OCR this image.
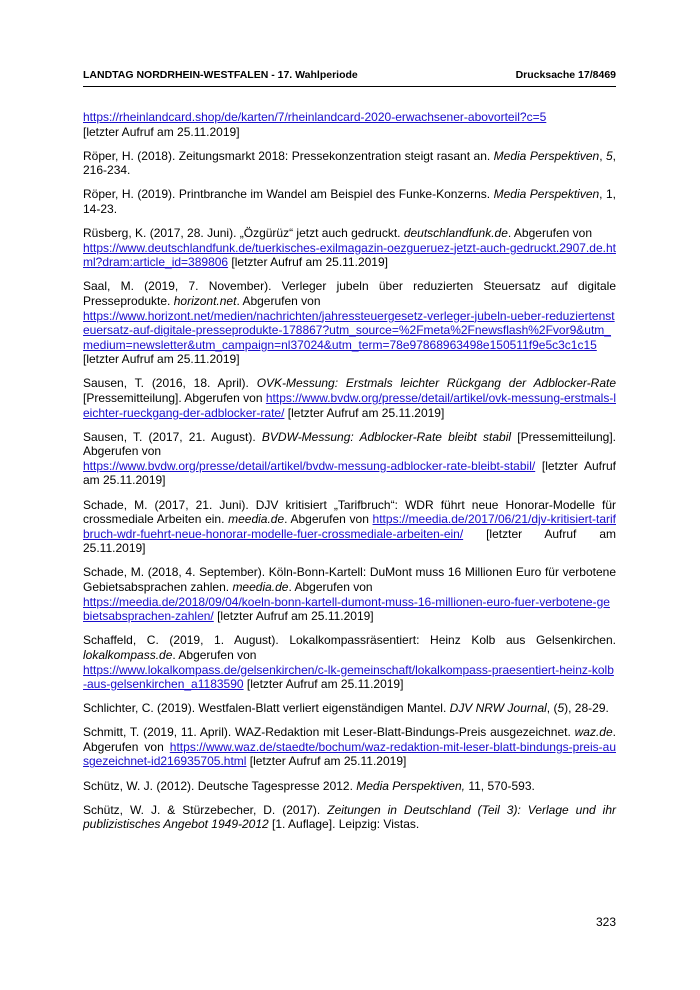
LANDTAG NORDRHEIN-WESTFALEN - 17. Wahlperiode	Drucksache 17/8469

https://rheinlandcard.shop/de/karten/7/rheinlandcard-2020-erwachsener-abovorteil?c=5
[letzter Aufruf am 25.11.2019]

Röper, H. (2018). Zeitungsmarkt 2018: Pressekonzentration steigt rasant an. Media Perspektiven, 5, 216-234.

Röper, H. (2019). Printbranche im Wandel am Beispiel des Funke-Konzerns. Media Perspektiven, 1, 14-23.

Rüsberg, K. (2017, 28. Juni). „Özgürüz“ jetzt auch gedruckt. deutschlandfunk.de. Abgerufen von
https://www.deutschlandfunk.de/tuerkisches-exilmagazin-oezgueruez-jetzt-auch-gedruckt.2907.de.html?dram:article_id=389806 [letzter Aufruf am 25.11.2019]

Saal, M. (2019, 7. November). Verleger jubeln über reduzierten Steuersatz auf digitale Presseprodukte. horizont.net. Abgerufen von
https://www.horizont.net/medien/nachrichten/jahressteuergesetz-verleger-jubeln-ueber-reduziertensteuersatz-auf-digitale-presseprodukte-178867?utm_source=%2Fmeta%2Fnewsflash%2Fvor9&utm_medium=newsletter&utm_campaign=nl37024&utm_term=78e97868963498e150511f9e5c3c1c15 [letzter Aufruf am 25.11.2019]

Sausen, T. (2016, 18. April). OVK-Messung: Erstmals leichter Rückgang der Adblocker-Rate [Pressemitteilung]. Abgerufen von https://www.bvdw.org/presse/detail/artikel/ovk-messung-erstmals-leichter-rueckgang-der-adblocker-rate/ [letzter Aufruf am 25.11.2019]

Sausen, T. (2017, 21. August). BVDW-Messung: Adblocker-Rate bleibt stabil [Pressemitteilung]. Abgerufen von
https://www.bvdw.org/presse/detail/artikel/bvdw-messung-adblocker-rate-bleibt-stabil/ [letzter Aufruf am 25.11.2019]

Schade, M. (2017, 21. Juni). DJV kritisiert „Tarifbruch“: WDR führt neue Honorar-Modelle für crossmediale Arbeiten ein. meedia.de. Abgerufen von https://meedia.de/2017/06/21/djv-kritisiert-tarifbruch-wdr-fuehrt-neue-honorar-modelle-fuer-crossmediale-arbeiten-ein/ [letzter Aufruf am 25.11.2019]

Schade, M. (2018, 4. September). Köln-Bonn-Kartell: DuMont muss 16 Millionen Euro für verbotene Gebietsabsprachen zahlen. meedia.de. Abgerufen von
https://meedia.de/2018/09/04/koeln-bonn-kartell-dumont-muss-16-millionen-euro-fuer-verbotene-gebietsabsprachen-zahlen/ [letzter Aufruf am 25.11.2019]

Schaffeld, C. (2019, 1. August). Lokalkompassräsentiert: Heinz Kolb aus Gelsenkirchen. lokalkompass.de. Abgerufen von
https://www.lokalkompass.de/gelsenkirchen/c-lk-gemeinschaft/lokalkompass-praesentiert-heinz-kolb-aus-gelsenkirchen_a1183590 [letzter Aufruf am 25.11.2019]

Schlichter, C. (2019). Westfalen-Blatt verliert eigenständigen Mantel. DJV NRW Journal, (5), 28-29.

Schmitt, T. (2019, 11. April). WAZ-Redaktion mit Leser-Blatt-Bindungs-Preis ausgezeichnet. waz.de. Abgerufen von https://www.waz.de/staedte/bochum/waz-redaktion-mit-leser-blatt-bindungs-preis-ausgezeichnet-id216935705.html [letzter Aufruf am 25.11.2019]

Schütz, W. J. (2012). Deutsche Tagespresse 2012. Media Perspektiven, 11, 570-593.

Schütz, W. J. & Stürzebecher, D. (2017). Zeitungen in Deutschland (Teil 3): Verlage und ihr publizistisches Angebot 1949-2012 [1. Auflage]. Leipzig: Vistas.

323
